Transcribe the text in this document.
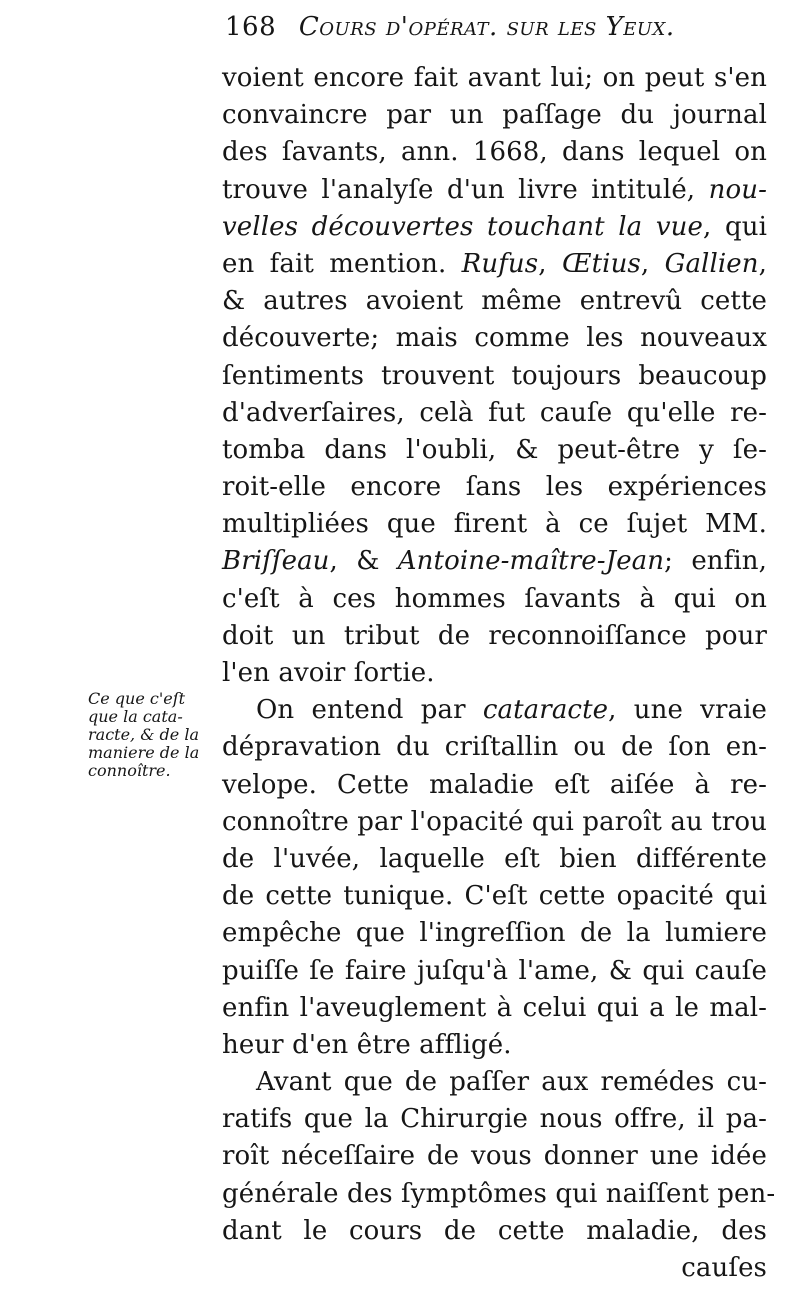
168 Cours d'opérat. sur les Yeux.
Ce que c'eſt
que la cata-
racte, & de la
maniere de la
connoître.
voient encore fait avant lui; on peut s'en
convaincre par un paſſage du journal
des ſavants, ann. 1668, dans lequel on
trouve l'analyſe d'un livre intitulé, nou-
velles découvertes touchant la vue, qui
en fait mention. Rufus, Œtius, Gallien,
& autres avoient même entrevû cette
découverte; mais comme les nouveaux
ſentiments trouvent toujours beaucoup
d'adverſaires, celà fut cauſe qu'elle re-
tomba dans l'oubli, & peut-être y ſe-
roit-elle encore ſans les expériences
multipliées que firent à ce ſujet MM.
Briſſeau, & Antoine-maître-Jean; enfin,
c'eſt à ces hommes ſavants à qui on
doit un tribut de reconnoiſſance pour
l'en avoir ſortie.
On entend par cataracte, une vraie
dépravation du criſtallin ou de ſon en-
velope. Cette maladie eſt aiſée à re-
connoître par l'opacité qui paroît au trou
de l'uvée, laquelle eſt bien différente
de cette tunique. C'eſt cette opacité qui
empêche que l'ingreſſion de la lumiere
puiſſe ſe faire juſqu'à l'ame, & qui cauſe
enfin l'aveuglement à celui qui a le mal-
heur d'en être affligé.
Avant que de paſſer aux remédes cu-
ratifs que la Chirurgie nous offre, il pa-
roît néceſſaire de vous donner une idée
générale des ſymptômes qui naiſſent pen-
dant le cours de cette maladie, des
cauſes
